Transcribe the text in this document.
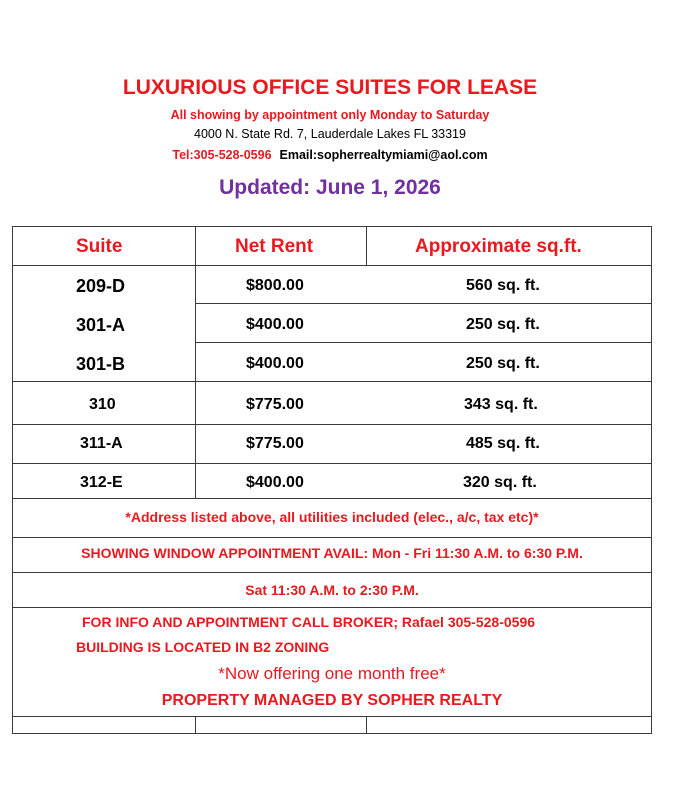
LUXURIOUS OFFICE SUITES FOR LEASE
All showing by appointment only Monday to Saturday
4000 N. State Rd. 7, Lauderdale Lakes FL 33319
Tel:305-528-0596 Email:sopherrealtymiami@aol.com
Updated: June 1, 2026
Suite	Net Rent	Approximate sq.ft.
209-D	$800.00	560 sq. ft.
301-A	$400.00	250 sq. ft.
301-B	$400.00	250 sq. ft.
310	$775.00	343 sq. ft.
311-A	$775.00	485 sq. ft.
312-E	$400.00	320 sq. ft.
*Address listed above, all utilities included (elec., a/c, tax etc)*
SHOWING WINDOW APPOINTMENT AVAIL: Mon - Fri 11:30 A.M. to 6:30 P.M.
Sat 11:30 A.M. to 2:30 P.M.
FOR INFO AND APPOINTMENT CALL BROKER; Rafael 305-528-0596
BUILDING IS LOCATED IN B2 ZONING
*Now offering one month free*
PROPERTY MANAGED BY SOPHER REALTY
